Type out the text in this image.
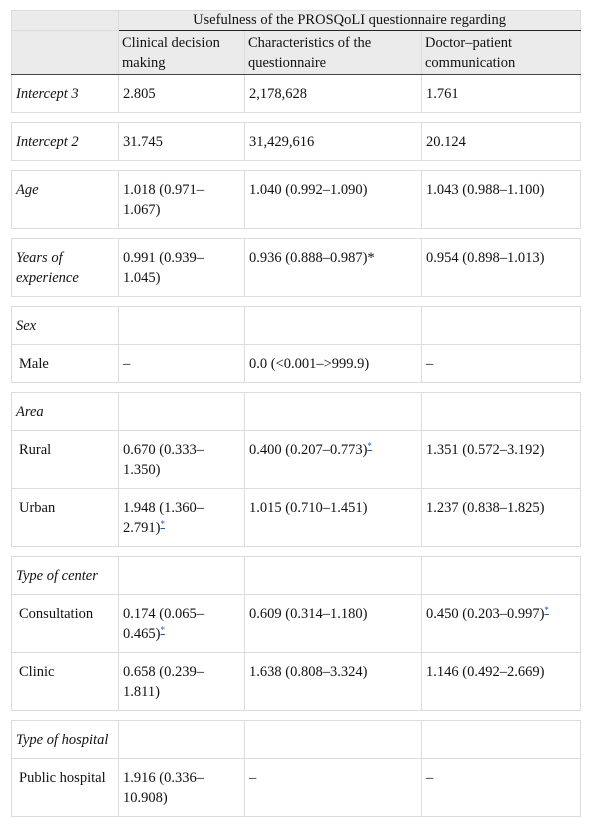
	Usefulness of the PROSQoLI questionnaire regarding		
	Clinical decision making	Characteristics of the questionnaire	Doctor–patient communication
Intercept 3	2.805	2,178,628	1.761

Intercept 2	31.745	31,429,616	20.124

Age	1.018 (0.971–1.067)	1.040 (0.992–1.090)	1.043 (0.988–1.100)

Years of experience	0.991 (0.939–1.045)	0.936 (0.888–0.987)*	0.954 (0.898–1.013)

Sex			
Male	–	0.0 (<0.001–>999.9)	–

Area			
Rural	0.670 (0.333–1.350)	0.400 (0.207–0.773)*	1.351 (0.572–3.192)
Urban	1.948 (1.360–2.791)*	1.015 (0.710–1.451)	1.237 (0.838–1.825)

Type of center			
Consultation	0.174 (0.065–0.465)*	0.609 (0.314–1.180)	0.450 (0.203–0.997)*
Clinic	0.658 (0.239–1.811)	1.638 (0.808–3.324)	1.146 (0.492–2.669)

Type of hospital			
Public hospital	1.916 (0.336–10.908)	–	–
